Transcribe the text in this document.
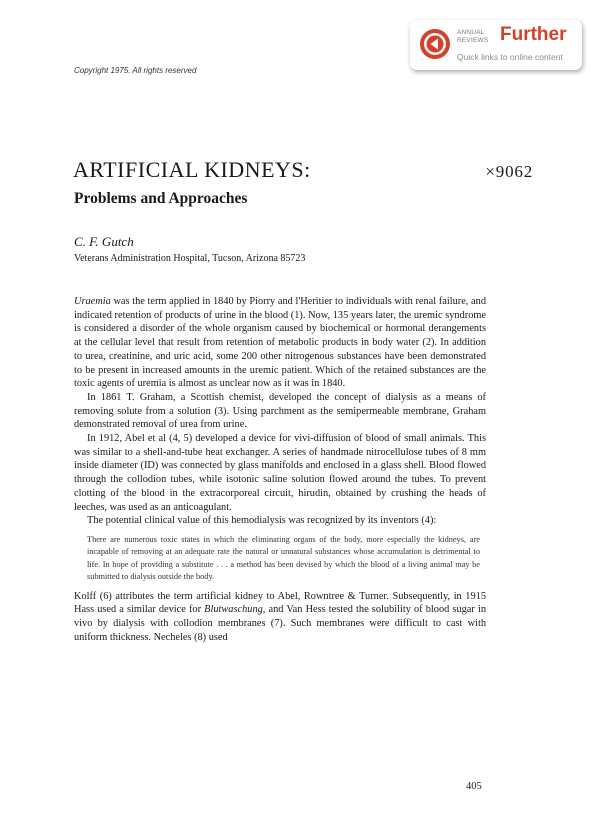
ANNUAL REVIEWS Further
Quick links to online content
Copyright 1975. All rights reserved
ARTIFICIAL KIDNEYS:	×9062
Problems and Approaches
C. F. Gutch
Veterans Administration Hospital, Tucson, Arizona 85723

Uraemia was the term applied in 1840 by Piorry and l'Heritier to individuals with renal failure, and indicated retention of products of urine in the blood (1). Now, 135 years later, the uremic syndrome is considered a disorder of the whole organism caused by biochemical or hormonal derangements at the cellular level that result from retention of metabolic products in body water (2). In addition to urea, creatinine, and uric acid, some 200 other nitrogenous substances have been demonstrated to be present in increased amounts in the uremic patient. Which of the retained substances are the toxic agents of uremia is almost as unclear now as it was in 1840.

In 1861 T. Graham, a Scottish chemist, developed the concept of dialysis as a means of removing solute from a solution (3). Using parchment as the semipermeable membrane, Graham demonstrated removal of urea from urine.

In 1912, Abel et al (4, 5) developed a device for vivi-diffusion of blood of small animals. This was similar to a shell-and-tube heat exchanger. A series of handmade nitrocellulose tubes of 8 mm inside diameter (ID) was connected by glass manifolds and enclosed in a glass shell. Blood flowed through the collodion tubes, while isotonic saline solution flowed around the tubes. To prevent clotting of the blood in the extracorporeal circuit, hirudin, obtained by crushing the heads of leeches, was used as an anticoagulant.

The potential clinical value of this hemodialysis was recognized by its inventors (4):

There are numerous toxic states in which the eliminating organs of the body, more especially the kidneys, are incapable of removing at an adequate rate the natural or unnatural substances whose accumulation is detrimental to life. In hope of providing a substitute . . . a method has been devised by which the blood of a living animal may be submitted to dialysis outside the body.

Kolff (6) attributes the term artificial kidney to Abel, Rowntree & Turner. Subsequently, in 1915 Hass used a similar device for Blutwaschung, and Van Hess tested the solubility of blood sugar in vivo by dialysis with collodion membranes (7). Such membranes were difficult to cast with uniform thickness. Necheles (8) used

405
